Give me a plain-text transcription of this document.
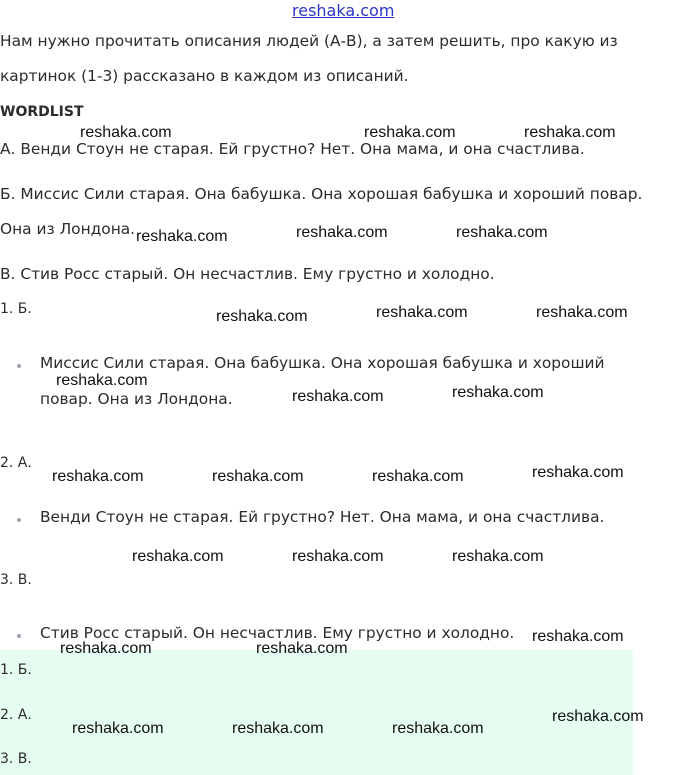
reshaka.com
Нам нужно прочитать описания людей (А-В), а затем решить, про какую из
картинок (1-3) рассказано в каждом из описаний.
WORDLIST
А. Венди Стоун не старая. Ей грустно? Нет. Она мама, и она счастлива.
Б. Миссис Сили старая. Она бабушка. Она хорошая бабушка и хороший повар.
Она из Лондона.
В. Стив Росс старый. Он несчастлив. Ему грустно и холодно.
1. Б.
Миссис Сили старая. Она бабушка. Она хорошая бабушка и хороший
повар. Она из Лондона.
2. А.
Венди Стоун не старая. Ей грустно? Нет. Она мама, и она счастлива.
3. В.
Стив Росс старый. Он несчастлив. Ему грустно и холодно.
1. Б.
2. А.
3. В.
reshaka.com	reshaka.com	reshaka.com
reshaka.com	reshaka.com	reshaka.com
reshaka.com	reshaka.com	reshaka.com
reshaka.com
reshaka.com	reshaka.com
reshaka.com	reshaka.com	reshaka.com	reshaka.com
reshaka.com	reshaka.com	reshaka.com
reshaka.com
reshaka.com	reshaka.com
reshaka.com
reshaka.com	reshaka.com	reshaka.com
